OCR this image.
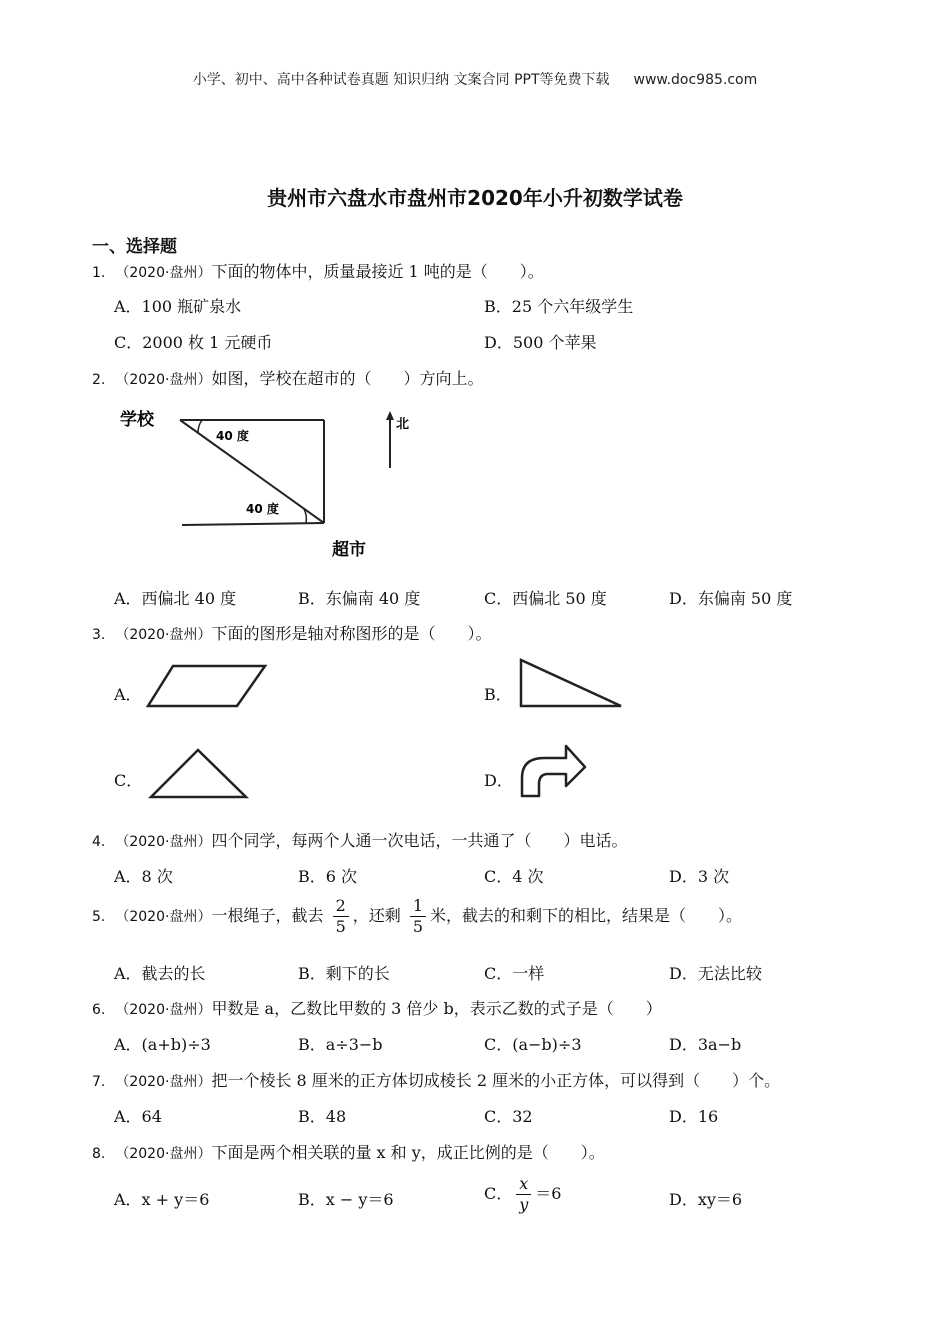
小学、初中、高中各种试卷真题 知识归纳 文案合同 PPT等免费下载 www.doc985.com
贵州市六盘水市盘州市2020年小升初数学试卷
一、选择题
1. （2020·盘州）下面的物体中，质量最接近 1 吨的是（　　）。
A．100 瓶矿泉水	B．25 个六年级学生
C．2000 枚 1 元硬币	D．500 个苹果
2. （2020·盘州）如图，学校在超市的（　　）方向上。
学校
40 度
40 度
超市
北
A．西偏北 40 度	B．东偏南 40 度	C．西偏北 50 度	D．东偏南 50 度
3. （2020·盘州）下面的图形是轴对称图形的是（　　）。
A．	B．
C．	D．
4. （2020·盘州）四个同学，每两个人通一次电话，一共通了（　　）电话。
A．8 次	B．6 次	C．4 次	D．3 次
5. （2020·盘州）一根绳子，截去 $\frac{2}{5}$ ，还剩 $\frac{1}{5}$ 米，截去的和剩下的相比，结果是（　　）。
A．截去的长	B．剩下的长	C．一样	D．无法比较
6. （2020·盘州）甲数是 a，乙数比甲数的 3 倍少 b，表示乙数的式子是（　　）
A．(a+b)÷3	B．a÷3−b	C．(a−b)÷3	D．3a−b
7. （2020·盘州）把一个棱长 8 厘米的正方体切成棱长 2 厘米的小正方体，可以得到（　　）个。
A．64	B．48	C．32	D．16
8. （2020·盘州）下面是两个相关联的量 x 和 y，成正比例的是（　　）。
A．x + y＝6	B．x − y＝6	C． $\frac{x}{y} =6$	D．xy＝6
